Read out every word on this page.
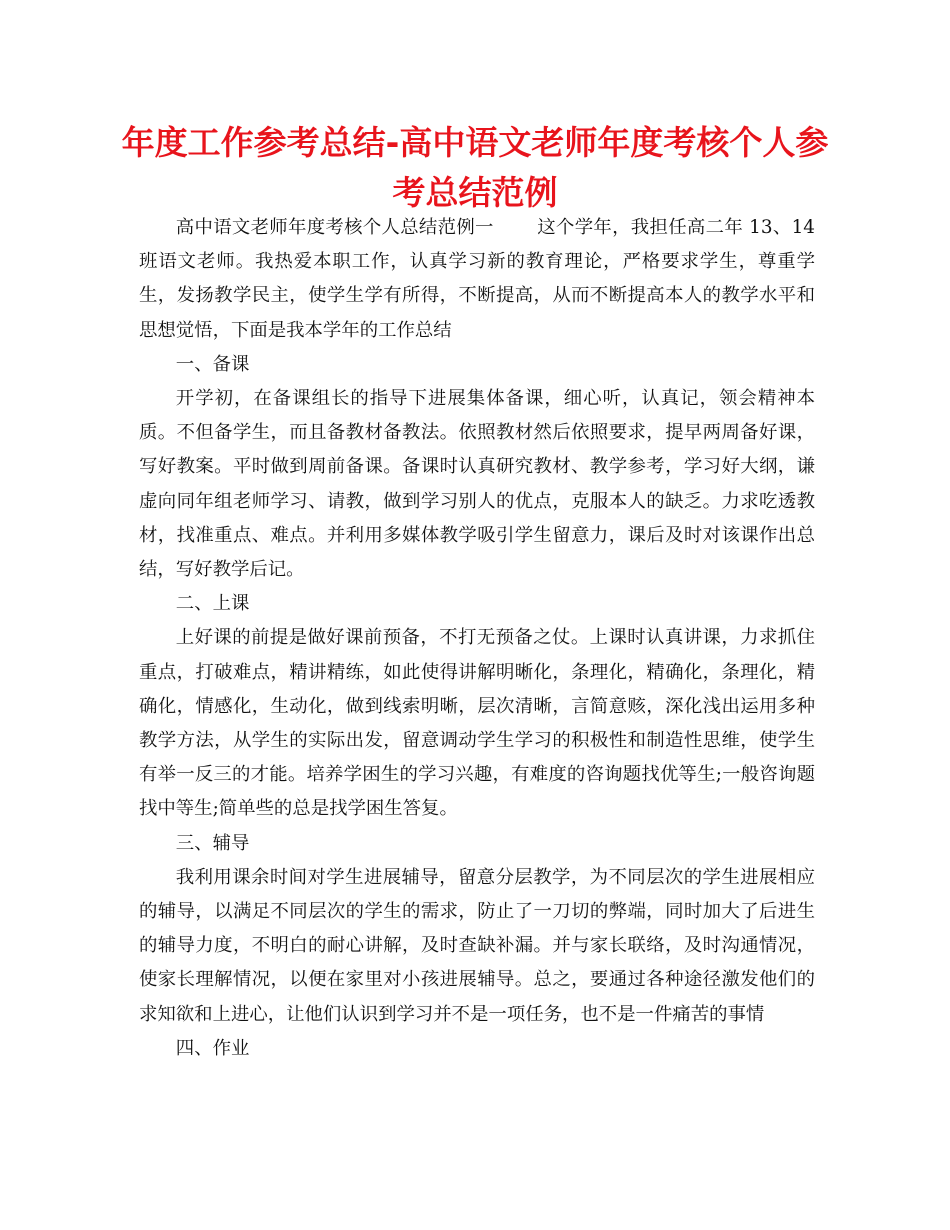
年度工作参考总结-高中语文老师年度考核个人参考总结范例

高中语文老师年度考核个人总结范例一 　　这个学年，我担任高二年 13、14 班语文老师。我热爱本职工作，认真学习新的教育理论，严格要求学生，尊重学生，发扬教学民主，使学生学有所得，不断提高，从而不断提高本人的教学水平和思想觉悟，下面是我本学年的工作总结

一、备课

开学初，在备课组长的指导下进展集体备课，细心听，认真记，领会精神本质。不但备学生，而且备教材备教法。依照教材然后依照要求，提早两周备好课，写好教案。平时做到周前备课。备课时认真研究教材、教学参考，学习好大纲，谦虚向同年组老师学习、请教，做到学习别人的优点，克服本人的缺乏。力求吃透教材，找准重点、难点。并利用多媒体教学吸引学生留意力，课后及时对该课作出总结，写好教学后记。

二、上课

上好课的前提是做好课前预备，不打无预备之仗。上课时认真讲课，力求抓住重点，打破难点，精讲精练，如此使得讲解明晰化，条理化，精确化，条理化，精确化，情感化，生动化，做到线索明晰，层次清晰，言简意赅，深化浅出运用多种教学方法，从学生的实际出发，留意调动学生学习的积极性和制造性思维，使学生有举一反三的才能。培养学困生的学习兴趣，有难度的咨询题找优等生;一般咨询题找中等生;简单些的总是找学困生答复。

三、辅导

我利用课余时间对学生进展辅导，留意分层教学，为不同层次的学生进展相应的辅导，以满足不同层次的学生的需求，防止了一刀切的弊端，同时加大了后进生的辅导力度，不明白的耐心讲解，及时查缺补漏。并与家长联络，及时沟通情况，使家长理解情况，以便在家里对小孩进展辅导。总之，要通过各种途径激发他们的求知欲和上进心，让他们认识到学习并不是一项任务，也不是一件痛苦的事情

四、作业
